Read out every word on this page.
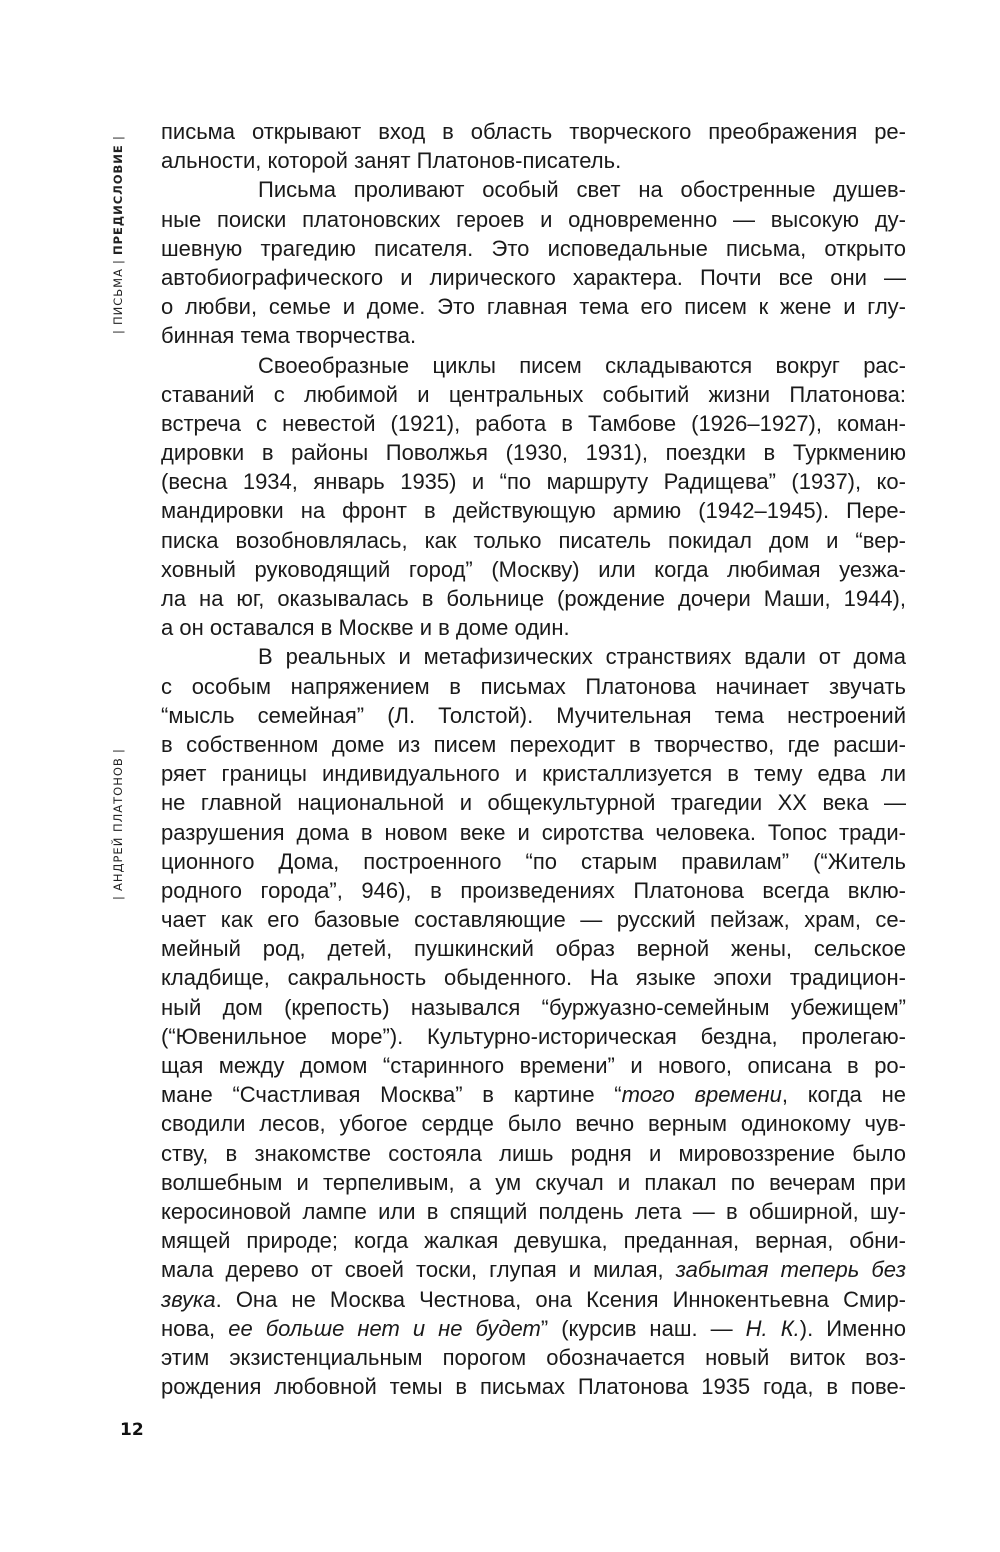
|
ПИСЬМА
|
ПРЕДИСЛОВИЕ
|
|
АНДРЕЙ ПЛАТОНОВ
|
письма открывают вход в область творческого преображения ре-
альности, которой занят Платонов-писатель.
Письма проливают особый свет на обостренные душев-
ные поиски платоновских героев и одновременно — высокую ду-
шевную трагедию писателя. Это исповедальные письма, открыто
автобиографического и лирического характера. Почти все они —
о любви, семье и доме. Это главная тема его писем к жене и глу-
бинная тема творчества.
Своеобразные циклы писем складываются вокруг рас-
ставаний с любимой и центральных событий жизни Платонова:
встреча с невестой (1921), работа в Тамбове (1926–1927), коман-
дировки в районы Поволжья (1930, 1931), поездки в Туркмению
(весна 1934, январь 1935) и “по маршруту Радищева” (1937), ко-
мандировки на фронт в действующую армию (1942–1945). Пере-
писка возобновлялась, как только писатель покидал дом и “вер-
ховный руководящий город” (Москву) или когда любимая уезжа-
ла на юг, оказывалась в больнице (рождение дочери Маши, 1944),
а он оставался в Москве и в доме один.
В реальных и метафизических странствиях вдали от дома
с особым напряжением в письмах Платонова начинает звучать
“мысль семейная” (Л. Толстой). Мучительная тема нестроений
в собственном доме из писем переходит в творчество, где расши-
ряет границы индивидуального и кристаллизуется в тему едва ли
не главной национальной и общекультурной трагедии XX века —
разрушения дома в новом веке и сиротства человека. Топос тради-
ционного Дома, построенного “по старым правилам” (“Житель
родного города”, 946), в произведениях Платонова всегда вклю-
чает как его базовые составляющие — русский пейзаж, храм, се-
мейный род, детей, пушкинский образ верной жены, сельское
кладбище, сакральность обыденного. На языке эпохи традицион-
ный дом (крепость) назывался “буржуазно-семейным убежищем”
(“Ювенильное море”). Культурно-историческая бездна, пролегаю-
щая между домом “старинного времени” и нового, описана в ро-
мане “Счастливая Москва” в картине “того времени, когда не
сводили лесов, убогое сердце было вечно верным одинокому чув-
ству, в знакомстве состояла лишь родня и мировоззрение было
волшебным и терпеливым, а ум скучал и плакал по вечерам при
керосиновой лампе или в спящий полдень лета — в обширной, шу-
мящей природе; когда жалкая девушка, преданная, верная, обни-
мала дерево от своей тоски, глупая и милая, забытая теперь без
звука. Она не Москва Честнова, она Ксения Иннокентьевна Смир-
нова, ее больше нет и не будет” (курсив наш. — Н. К.). Именно
этим экзистенциальным порогом обозначается новый виток воз-
рождения любовной темы в письмах Платонова 1935 года, в пове-
12
